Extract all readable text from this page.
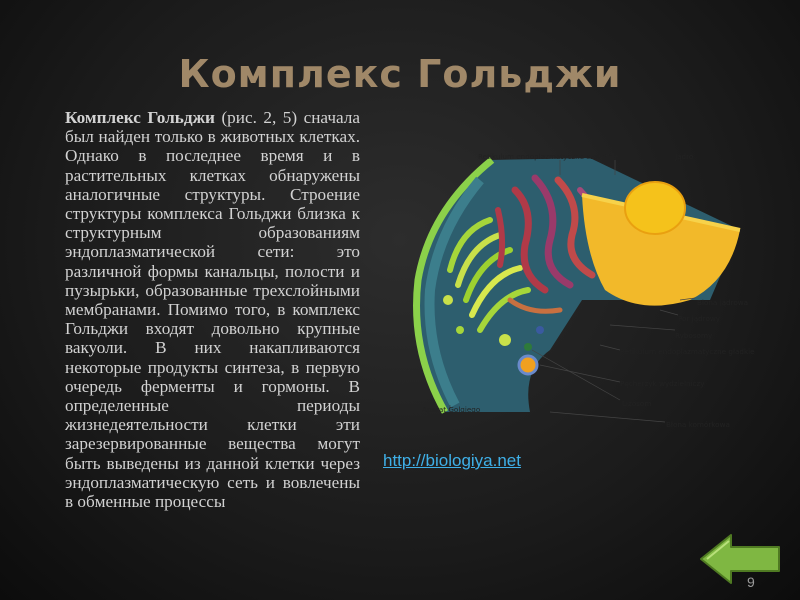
Комплекс Гольджи
Комплекс Гольджи (рис. 2, 5) сначала был найден только в животных клетках. Однако в последнее время и в растительных клетках обнаружены аналогичные структуры. Строение структуры комплекса Гольджи близка к структурным образованиям эндоплазматической сети: это различной формы канальцы, полости и пузырьки, образованные трехслойными мембранами. Помимо того, в комплекс Гольджи входят довольно крупные вакуоли. В них накапливаются некоторые продукты синтеза, в первую очередь ферменты и гормоны. В определенные периоды жизнедеятельности клетки эти зарезервированные вещества могут быть выведены из данной клетки через эндоплазматическую сеть и вовлечены в обменные процессы
Retikulum endoplazmatyczne szorstkie	Jądro
Błona jądrowa
Por jądrowy
Rybosomy
Retikulum endoplazmatyczne gładkie
Pęcherzyk wydzielniczy
Lizosom
Błona komórkowa
Aparat Golgiego
http://biologiya.net
9
